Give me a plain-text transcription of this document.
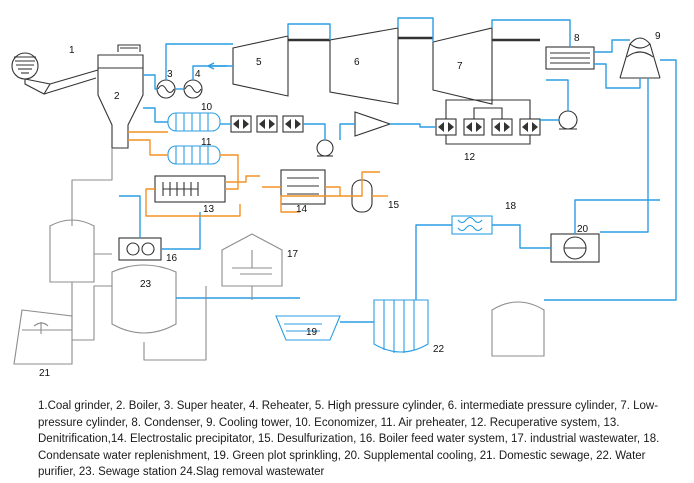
1
2
3 4
5	6	7
8	9
10
11
12
13	14	15
16	17
18
19
20
21
22
23
1.Coal grinder, 2. Boiler, 3. Super heater, 4. Reheater, 5. High pressure cylinder, 6. intermediate pressure cylinder, 7. Low-pressure cylinder, 8. Condenser, 9. Cooling tower, 10. Economizer, 11. Air preheater, 12. Recuperative system, 13. Denitrification,14. Electrostalic precipitator, 15. Desulfurization, 16. Boiler feed water system, 17. industrial wastewater, 18. Condensate water replenishment, 19. Green plot sprinkling, 20. Supplemental cooling, 21. Domestic sewage, 22. Water purifier, 23. Sewage station 24.Slag removal wastewater
